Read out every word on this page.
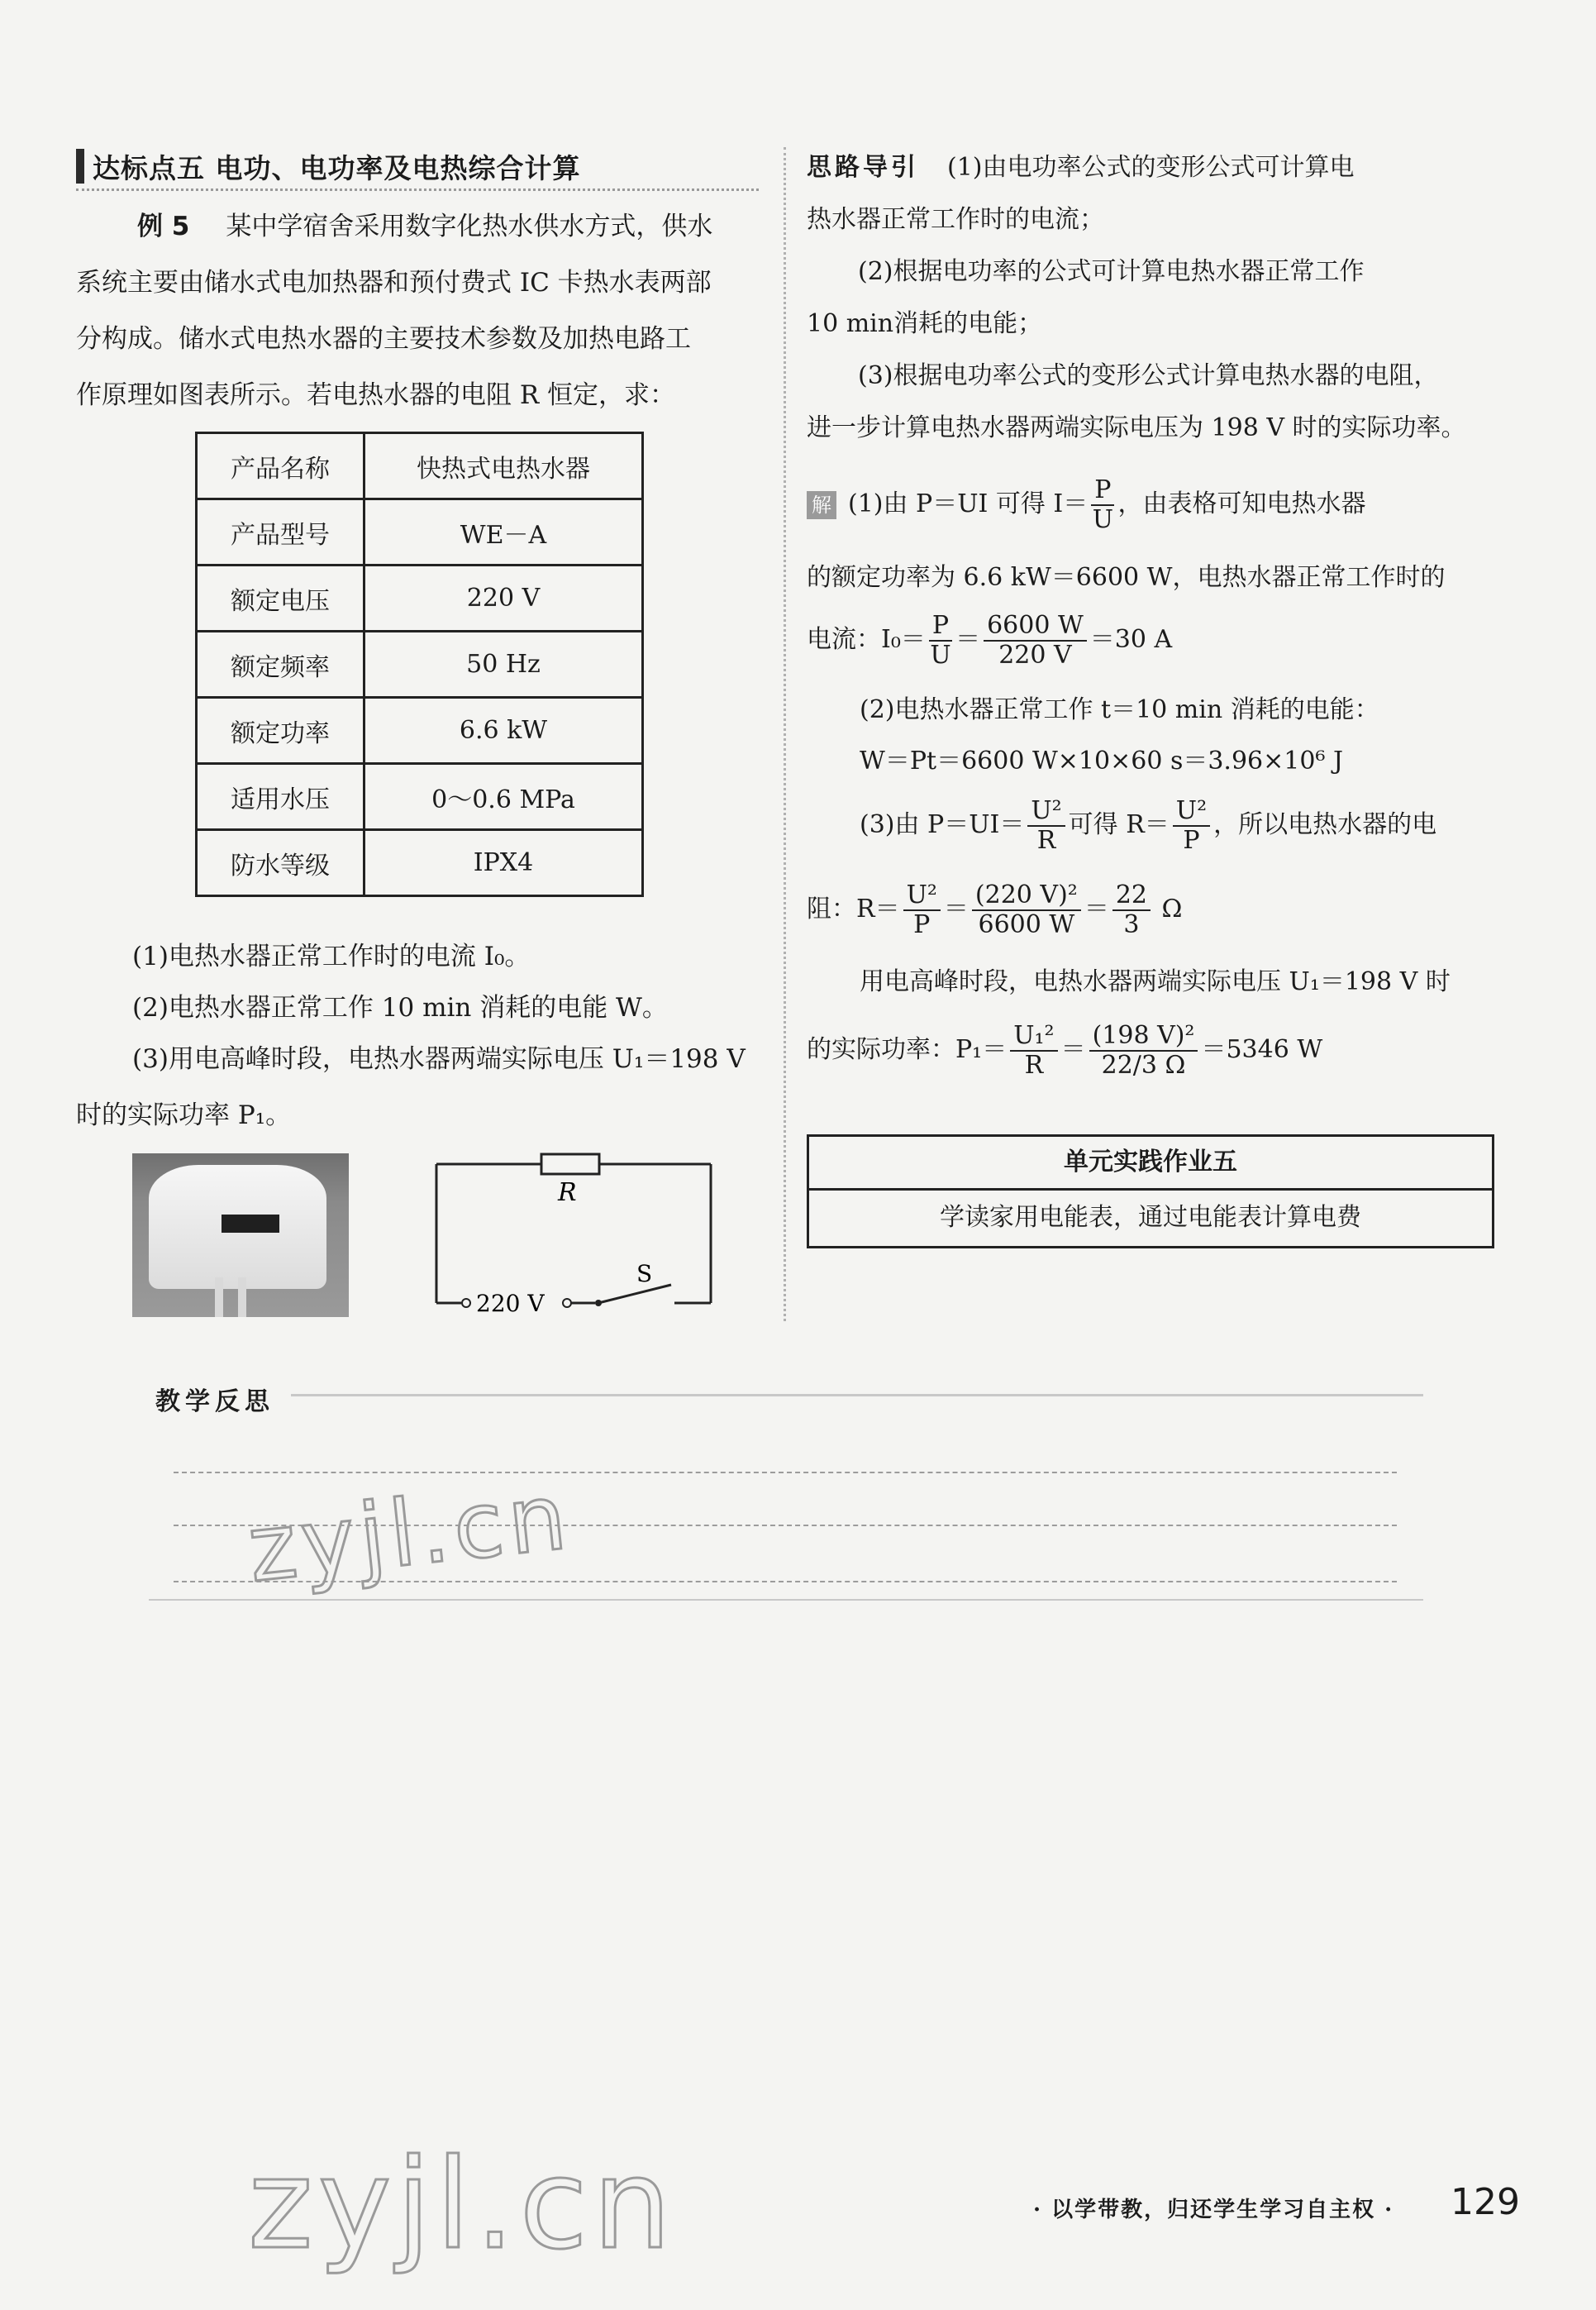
达标点五 电功、电功率及电热综合计算
例 5 某中学宿舍采用数字化热水供水方式，供水
系统主要由储水式电加热器和预付费式 IC 卡热水表两部
分构成。储水式电热水器的主要技术参数及加热电路工
作原理如图表所示。若电热水器的电阻 R 恒定，求：
产品名称	快热式电热水器
产品型号	WE－A
额定电压	220 V
额定频率	50 Hz
额定功率	6.6 kW
适用水压	0～0.6 MPa
防水等级	IPX4
(1)电热水器正常工作时的电流 I₀。
(2)电热水器正常工作 10 min 消耗的电能 W。
(3)用电高峰时段，电热水器两端实际电压 U₁＝198 V
时的实际功率 P₁。
R
S
220 V
思路导引 (1)由电功率公式的变形公式可计算电
热水器正常工作时的电流；
(2)根据电功率的公式可计算电热水器正常工作
10 min消耗的电能；
(3)根据电功率公式的变形公式计算电热水器的电阻，
进一步计算电热水器两端实际电压为 198 V 时的实际功率。
解 (1)由 P＝UI 可得 $I= \frac{P}{U}$ ，由表格可知电热水器
的额定功率为 6.6 kW＝6600 W，电热水器正常工作时的
电流：$I_0= \frac{P}{U} = \frac{6600 W}{220 V} =30$ A
(2)电热水器正常工作 t＝10 min 消耗的电能：
W＝Pt＝6600 W×10×60 s＝3.96×10⁶ J
(3)由 $P=UI= \frac{\text{U²}}{R}$ 可得 $R= \frac{\text{U²}}{P}$ ，所以电热水器的电
阻：$R= \frac{\text{U²}}{P} = \frac{\text{(220 V)²}}{6600 W} = \frac{22}{3}$ Ω
用电高峰时段，电热水器两端实际电压 U₁＝198 V 时
的实际功率：$P_1= \frac{\text{U₁²}}{R} = \frac{\text{(198 V)²}}{22/3 \Omega} =5346$ W
单元实践作业五
学读家用电能表，通过电能表计算电费
教学反思
zyjl.cn
zyjl.cn	· 以学带教，归还学生学习自主权 · 129
